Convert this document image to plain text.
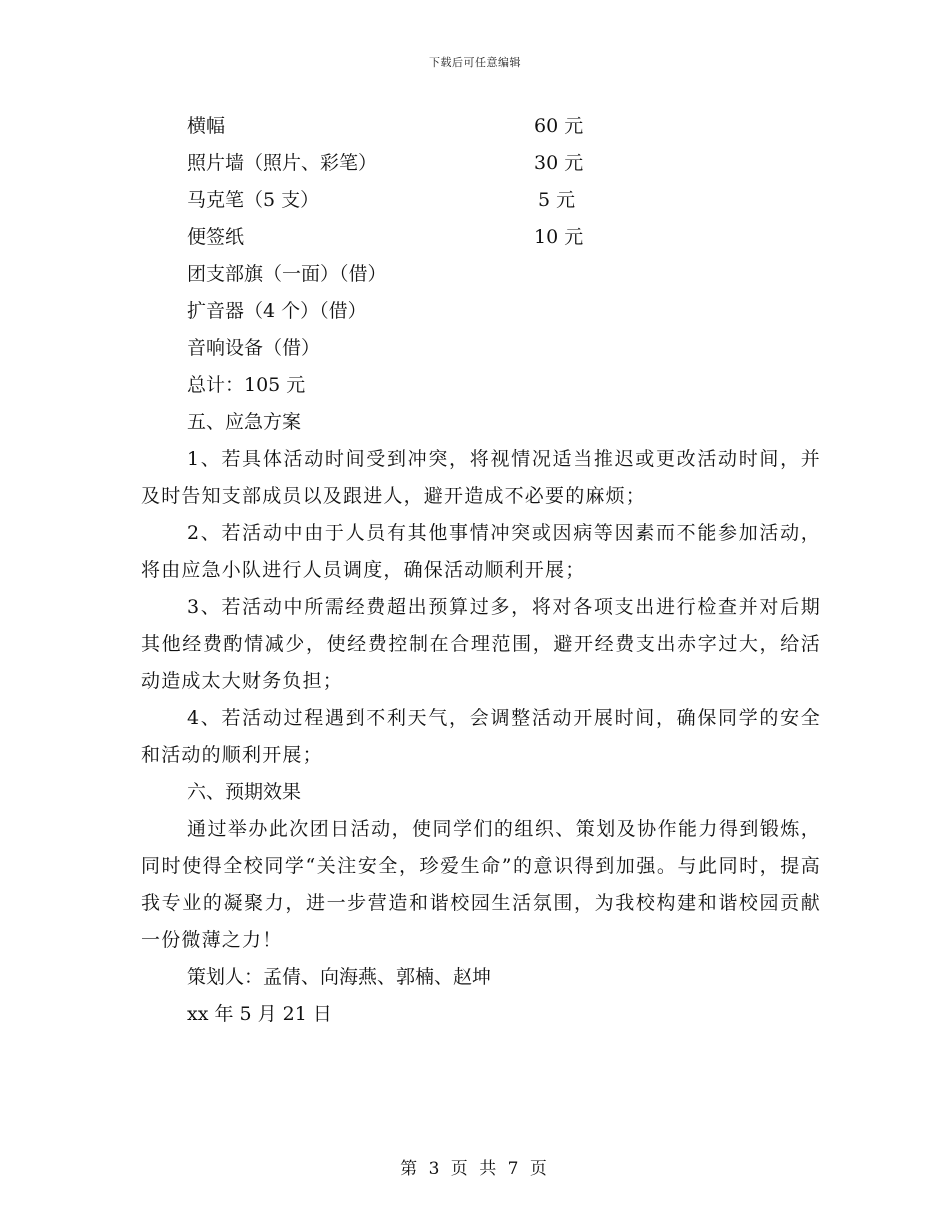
下载后可任意编辑
横幅	60 元
照片墙（照片、彩笔）	30 元
马克笔（5 支）	5 元
便签纸	10 元
团支部旗（一面）（借）
扩音器（4 个）（借）
音响设备（借）
总计：105 元
五、应急方案
1、若具体活动时间受到冲突，将视情况适当推迟或更改活动时间，并及时告知支部成员以及跟进人，避开造成不必要的麻烦；
2、若活动中由于人员有其他事情冲突或因病等因素而不能参加活动，将由应急小队进行人员调度，确保活动顺利开展；
3、若活动中所需经费超出预算过多，将对各项支出进行检查并对后期其他经费酌情减少，使经费控制在合理范围，避开经费支出赤字过大，给活动造成太大财务负担；
4、若活动过程遇到不利天气，会调整活动开展时间，确保同学的安全和活动的顺利开展；
六、预期效果
通过举办此次团日活动，使同学们的组织、策划及协作能力得到锻炼，同时使得全校同学“关注安全，珍爱生命”的意识得到加强。与此同时，提高我专业的凝聚力，进一步营造和谐校园生活氛围，为我校构建和谐校园贡献一份微薄之力！
策划人：孟倩、向海燕、郭楠、赵坤
xx 年 5 月 21 日
第 3 页 共 7 页
